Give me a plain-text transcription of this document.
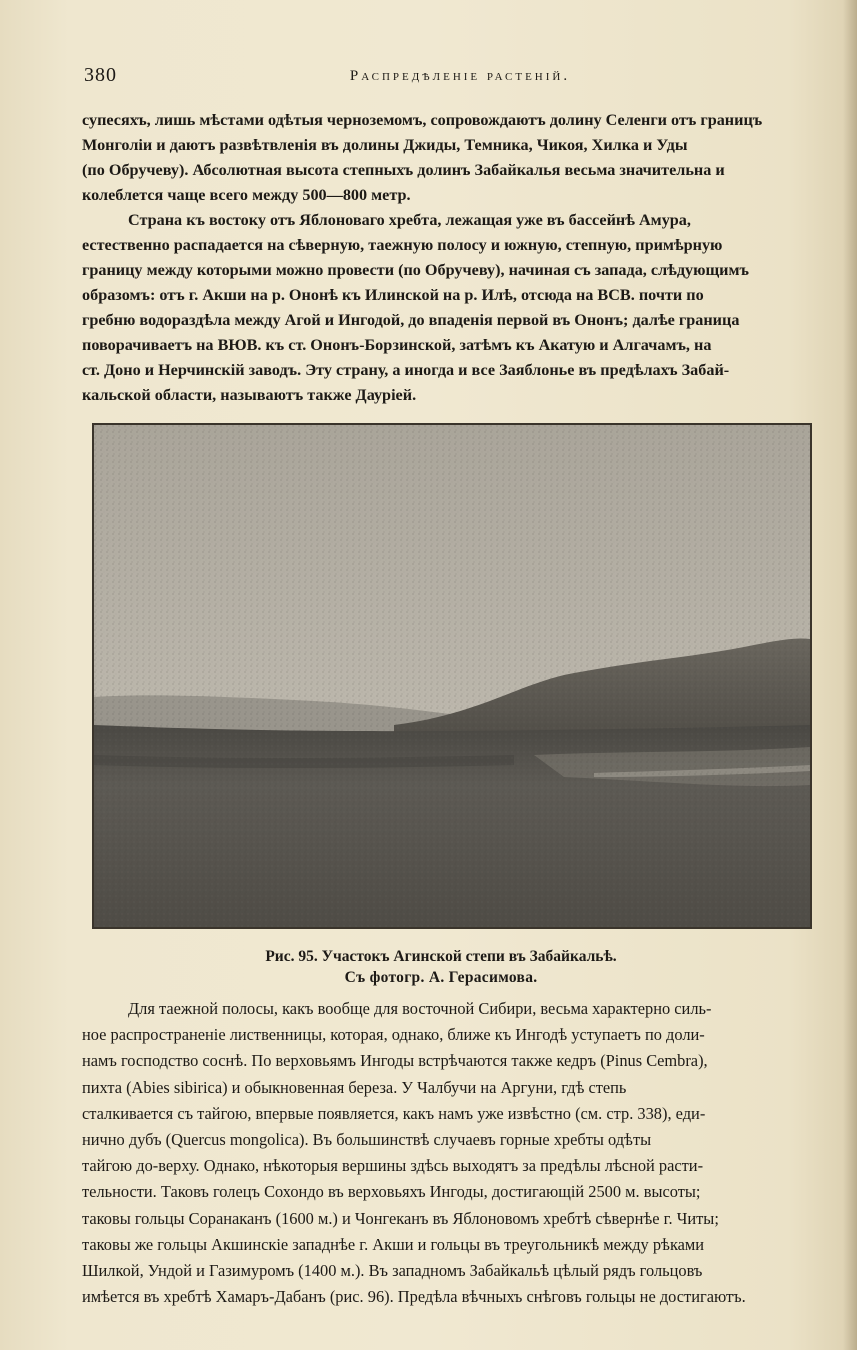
380	Распредѣленіе растеній.

супесяхъ, лишь мѣстами одѣтыя черноземомъ, сопровождаютъ долину Селенги отъ границъ

Монголіи и даютъ развѣтвленія въ долины Джиды, Темника, Чикоя, Хилка и Уды

(по Обручеву). Абсолютная высота степныхъ долинъ Забайкалья весьма значительна и

колеблется чаще всего между 500—800 метр.

Страна къ востоку отъ Яблоноваго хребта, лежащая уже въ бассейнѣ Амура,

естественно распадается на сѣверную, таежную полосу и южную, степную, примѣрную

границу между которыми можно провести (по Обручеву), начиная съ запада, слѣдующимъ

образомъ: отъ г. Акши на р. Ононѣ къ Илинской на р. Илѣ, отсюда на ВСВ. почти по

гребню водораздѣла между Агой и Ингодой, до впаденія первой въ Ононъ; далѣе граница

поворачиваетъ на ВЮВ. къ ст. Ононъ-Борзинской, затѣмъ къ Акатую и Алгачамъ, на

ст. Доно и Нерчинскій заводъ. Эту страну, а иногда и все Заяблонье въ предѣлахъ Забай-

кальской области, называютъ также Дауріей.

Рис. 95. Участокъ Агинской степи въ Забайкальѣ.
Съ фотогр. А. Герасимова.

Для таежной полосы, какъ вообще для восточной Сибири, весьма характерно силь-

ное распространеніе лиственницы, которая, однако, ближе къ Ингодѣ уступаетъ по доли-

намъ господство соснѣ. По верховьямъ Ингоды встрѣчаются также кедръ (Pinus Cembra),

пихта (Abies sibirica) и обыкновенная береза. У Чалбучи на Аргуни, гдѣ степь

сталкивается съ тайгою, впервые появляется, какъ намъ уже извѣстно (см. стр. 338), еди-

нично дубъ (Quercus mongolica). Въ большинствѣ случаевъ горные хребты одѣты

тайгою до-верху. Однако, нѣкоторыя вершины здѣсь выходятъ за предѣлы лѣсной расти-

тельности. Таковъ голецъ Сохондо въ верховьяхъ Ингоды, достигающій 2500 м. высоты;

таковы гольцы Соранаканъ (1600 м.) и Чонгеканъ въ Яблоновомъ хребтѣ сѣвернѣе г. Читы;

таковы же гольцы Акшинскіе западнѣе г. Акши и гольцы въ треугольникѣ между рѣками

Шилкой, Ундой и Газимуромъ (1400 м.). Въ западномъ Забайкальѣ цѣлый рядъ гольцовъ

имѣется въ хребтѣ Хамаръ-Дабанъ (рис. 96). Предѣла вѣчныхъ снѣговъ гольцы не достигаютъ.
